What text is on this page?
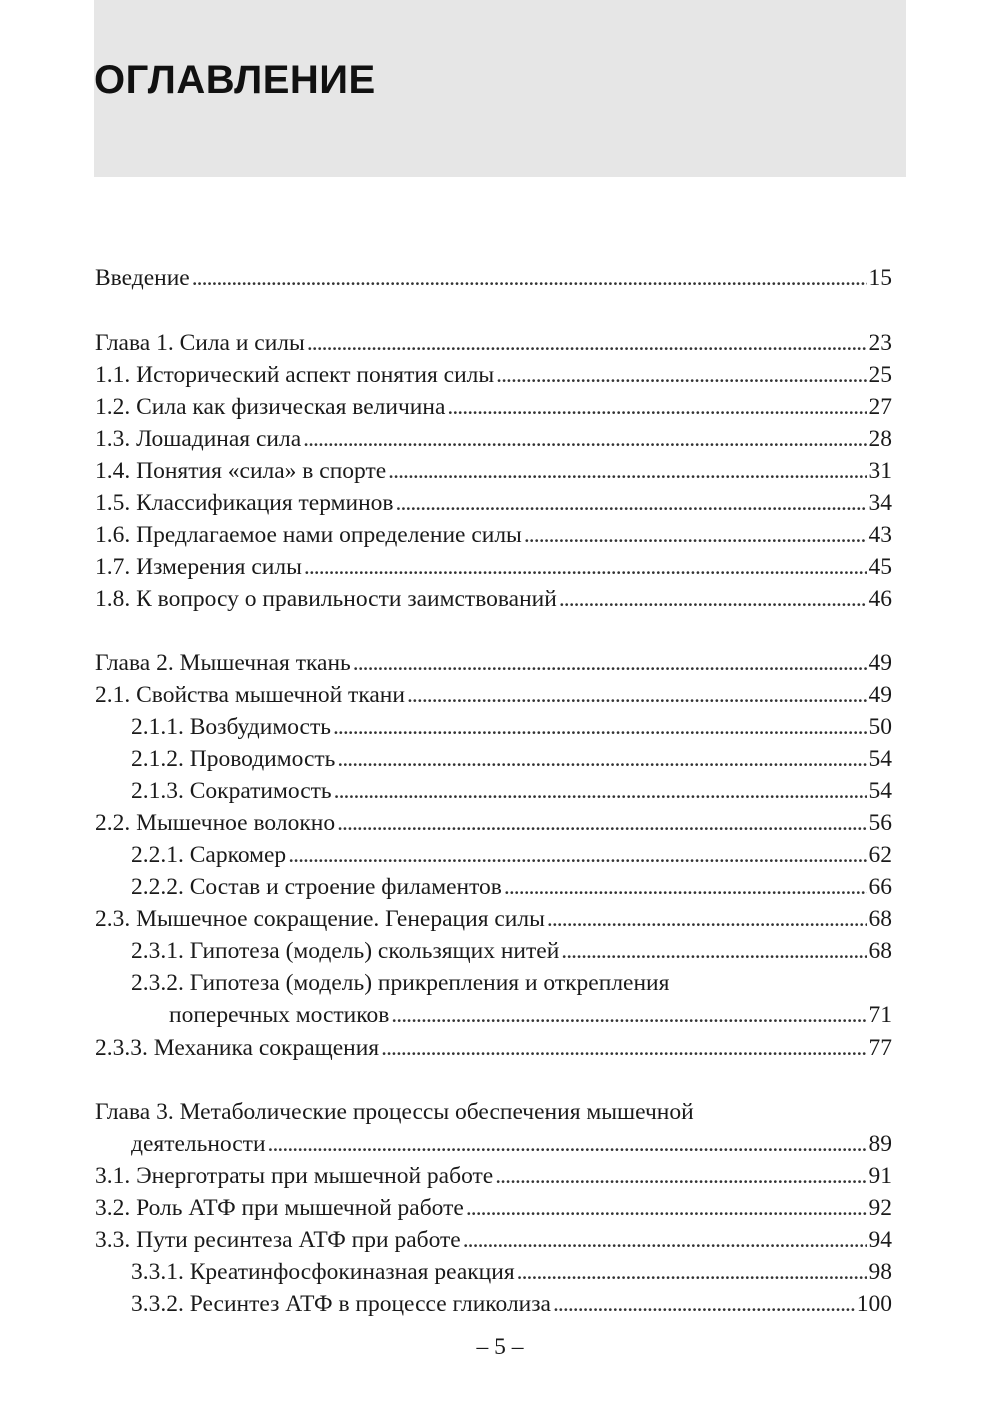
ОГЛАВЛЕНИЕ
Введение . . .	15
Глава 1. Сила и силы . . .	23
1.1. Исторический аспект понятия силы . . .	25
1.2. Сила как физическая величина . . .	27
1.3. Лошадиная сила . . .	28
1.4. Понятия «сила» в спорте . . .	31
1.5. Классификация терминов . . .	34
1.6. Предлагаемое нами определение силы . . .	43
1.7. Измерения силы . . .	45
1.8. К вопросу о правильности заимствований . . .	46
Глава 2. Мышечная ткань . . .	49
2.1. Свойства мышечной ткани . . .	49
2.1.1. Возбудимость . . .	50
2.1.2. Проводимость . . .	54
2.1.3. Сократимость . . .	54
2.2. Мышечное волокно . . .	56
2.2.1. Саркомер . . .	62
2.2.2. Состав и строение филаментов . . .	66
2.3. Мышечное сокращение. Генерация силы . . .	68
2.3.1. Гипотеза (модель) скользящих нитей . . .	68
2.3.2. Гипотеза (модель) прикрепления и открепления
поперечных мостиков . . .	71
2.3.3. Механика сокращения . . .	77
Глава 3. Метаболические процессы обеспечения мышечной
деятельности . . .	89
3.1. Энерготраты при мышечной работе . . .	91
3.2. Роль АТФ при мышечной работе . . .	92
3.3. Пути ресинтеза АТФ при работе . . .	94
3.3.1. Креатинфосфокиназная реакция . . .	98
3.3.2. Ресинтез АТФ в процессе гликолиза . . .	100
– 5 –
